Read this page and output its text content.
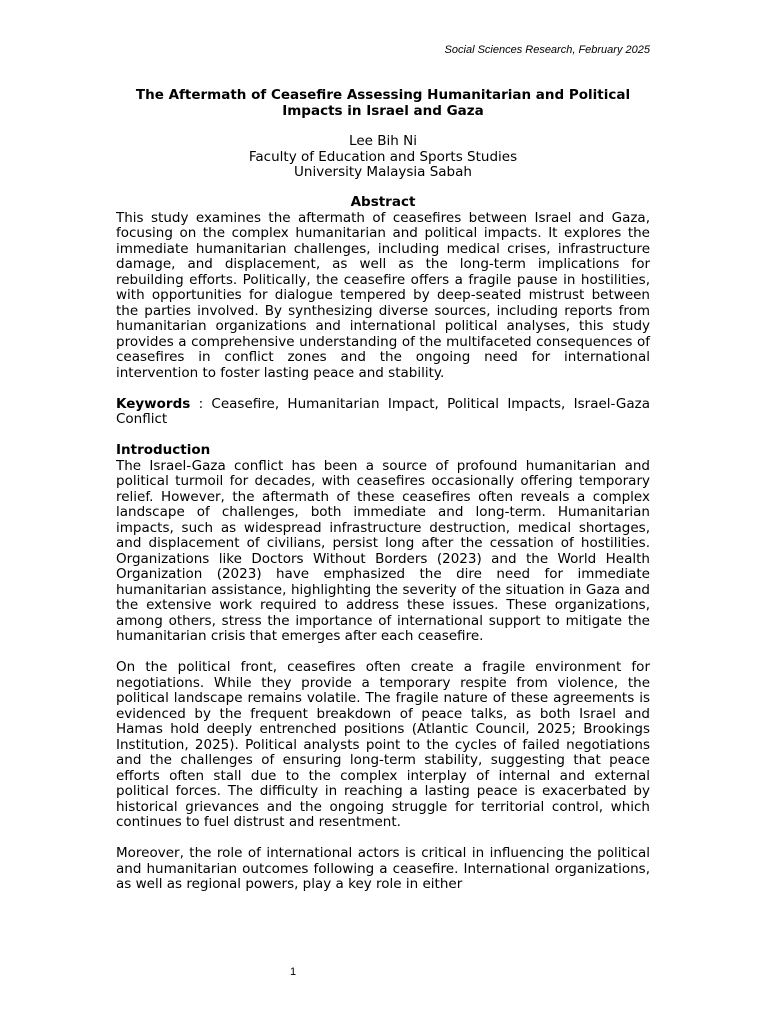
Social Sciences Research, February 2025
The Aftermath of Ceasefire Assessing Humanitarian and Political Impacts in Israel and Gaza
Lee Bih Ni
Faculty of Education and Sports Studies
University Malaysia Sabah
Abstract

This study examines the aftermath of ceasefires between Israel and Gaza, focusing on the complex humanitarian and political impacts. It explores the immediate humanitarian challenges, including medical crises, infrastructure damage, and displacement, as well as the long-term implications for rebuilding efforts. Politically, the ceasefire offers a fragile pause in hostilities, with opportunities for dialogue tempered by deep-seated mistrust between the parties involved. By synthesizing diverse sources, including reports from humanitarian organizations and international political analyses, this study provides a comprehensive understanding of the multifaceted consequences of ceasefires in conflict zones and the ongoing need for international intervention to foster lasting peace and stability.

Keywords : Ceasefire, Humanitarian Impact, Political Impacts, Israel-Gaza Conflict

Introduction

The Israel-Gaza conflict has been a source of profound humanitarian and political turmoil for decades, with ceasefires occasionally offering temporary relief. However, the aftermath of these ceasefires often reveals a complex landscape of challenges, both immediate and long-term. Humanitarian impacts, such as widespread infrastructure destruction, medical shortages, and displacement of civilians, persist long after the cessation of hostilities. Organizations like Doctors Without Borders (2023) and the World Health Organization (2023) have emphasized the dire need for immediate humanitarian assistance, highlighting the severity of the situation in Gaza and the extensive work required to address these issues. These organizations, among others, stress the importance of international support to mitigate the humanitarian crisis that emerges after each ceasefire.

On the political front, ceasefires often create a fragile environment for negotiations. While they provide a temporary respite from violence, the political landscape remains volatile. The fragile nature of these agreements is evidenced by the frequent breakdown of peace talks, as both Israel and Hamas hold deeply entrenched positions (Atlantic Council, 2025; Brookings Institution, 2025). Political analysts point to the cycles of failed negotiations and the challenges of ensuring long-term stability, suggesting that peace efforts often stall due to the complex interplay of internal and external political forces. The difficulty in reaching a lasting peace is exacerbated by historical grievances and the ongoing struggle for territorial control, which continues to fuel distrust and resentment.

Moreover, the role of international actors is critical in influencing the political and humanitarian outcomes following a ceasefire. International organizations, as well as regional powers, play a key role in either

1
